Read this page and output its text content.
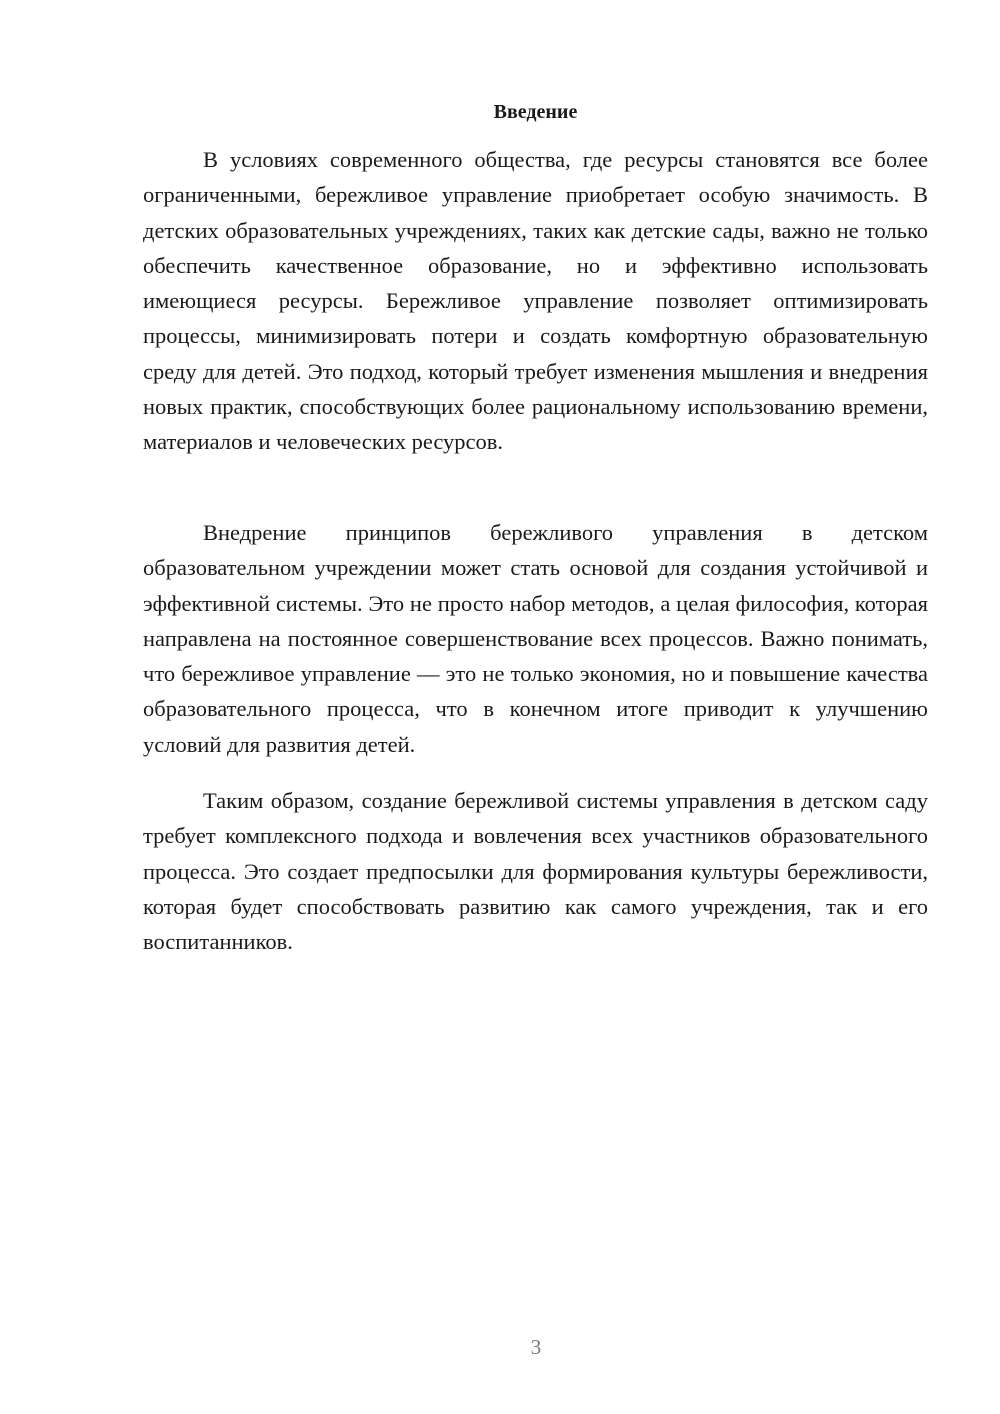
Введение

В условиях современного общества, где ресурсы становятся все более ограниченными, бережливое управление приобретает особую значимость. В детских образовательных учреждениях, таких как детские сады, важно не только обеспечить качественное образование, но и эффективно использовать имеющиеся ресурсы. Бережливое управление позволяет оптимизировать процессы, минимизировать потери и создать комфортную образовательную среду для детей. Это подход, который требует изменения мышления и внедрения новых практик, способствующих более рациональному использованию времени, материалов и человеческих ресурсов.

Внедрение принципов бережливого управления в детском образовательном учреждении может стать основой для создания устойчивой и эффективной системы. Это не просто набор методов, а целая философия, которая направлена на постоянное совершенствование всех процессов. Важно понимать, что бережливое управление — это не только экономия, но и повышение качества образовательного процесса, что в конечном итоге приводит к улучшению условий для развития детей.

Таким образом, создание бережливой системы управления в детском саду требует комплексного подхода и вовлечения всех участников образовательного процесса. Это создает предпосылки для формирования культуры бережливости, которая будет способствовать развитию как самого учреждения, так и его воспитанников.

3
